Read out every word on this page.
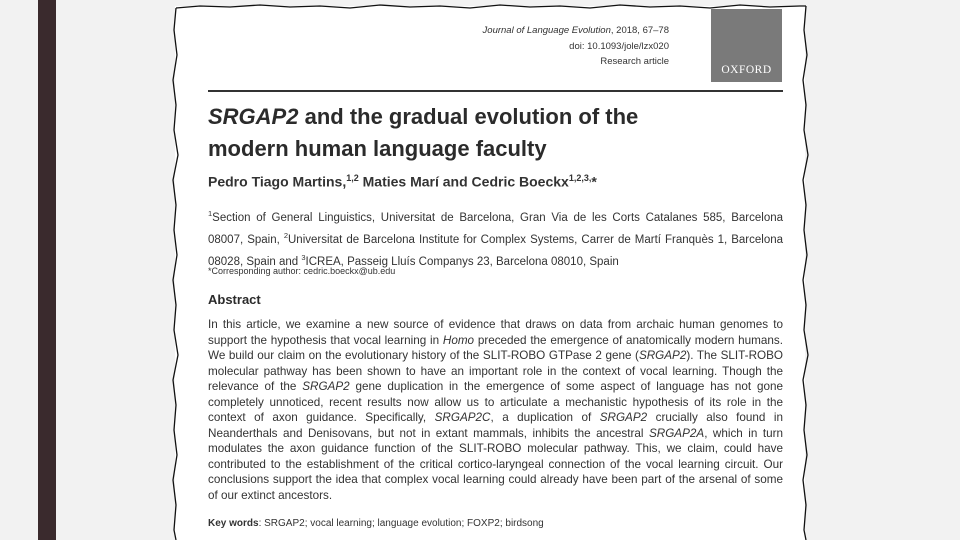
Journal of Language Evolution, 2018, 67–78
doi: 10.1093/jole/lzx020
Research article
OXFORD
SRGAP2 and the gradual evolution of the
modern human language faculty
Pedro Tiago Martins,$^{1,2}$ Maties Marí and Cedric Boeckx$^{1,2,3,}$*
$^1$Section of General Linguistics, Universitat de Barcelona, Gran Via de les Corts Catalanes 585, Barcelona 08007, Spain, $^2$Universitat de Barcelona Institute for Complex Systems, Carrer de Martí Franquès 1, Barcelona 08028, Spain and $^3$ICREA, Passeig Lluís Companys 23, Barcelona 08010, Spain
*Corresponding author: cedric.boeckx@ub.edu
Abstract
In this article, we examine a new source of evidence that draws on data from archaic human genomes to support the hypothesis that vocal learning in Homo preceded the emergence of anatomically modern humans. We build our claim on the evolutionary history of the SLIT-ROBO GTPase 2 gene (SRGAP2). The SLIT-ROBO molecular pathway has been shown to have an important role in the context of vocal learning. Though the relevance of the SRGAP2 gene duplication in the emergence of some aspect of language has not gone completely unnoticed, recent results now allow us to articulate a mechanistic hypothesis of its role in the context of axon guidance. Specifically, SRGAP2C, a duplication of SRGAP2 crucially also found in Neanderthals and Denisovans, but not in extant mammals, inhibits the ancestral SRGAP2A, which in turn modulates the axon guidance function of the SLIT-ROBO molecular pathway. This, we claim, could have contributed to the establishment of the critical cortico-laryngeal connection of the vocal learning circuit. Our conclusions support the idea that complex vocal learning could already have been part of the arsenal of some of our extinct ancestors.
Key words: SRGAP2; vocal learning; language evolution; FOXP2; birdsong
